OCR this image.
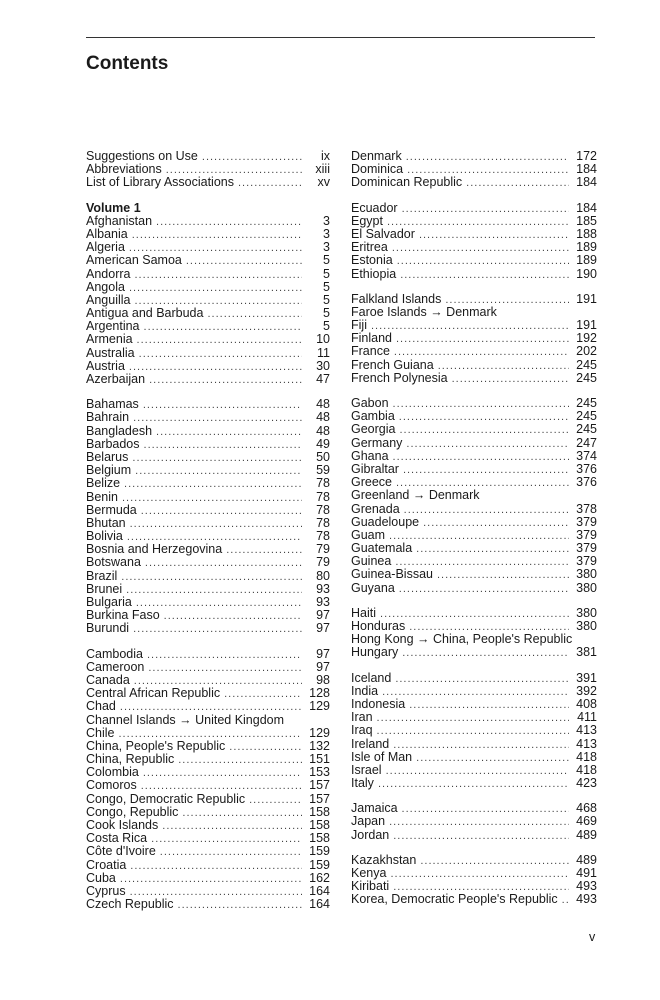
Contents
Suggestions on Use .....	ix
Abbreviations .....	xiii
List of Library Associations .....	xv
Volume 1
Afghanistan .....	3
Albania .....	3
Algeria .....	3
American Samoa .....	5
Andorra .....	5
Angola .....	5
Anguilla .....	5
Antigua and Barbuda .....	5
Argentina .....	5
Armenia .....	10
Australia .....	11
Austria .....	30
Azerbaijan .....	47
Bahamas .....	48
Bahrain .....	48
Bangladesh .....	48
Barbados .....	49
Belarus .....	50
Belgium .....	59
Belize .....	78
Benin .....	78
Bermuda .....	78
Bhutan .....	78
Bolivia .....	78
Bosnia and Herzegovina .....	79
Botswana .....	79
Brazil .....	80
Brunei .....	93
Bulgaria .....	93
Burkina Faso .....	97
Burundi .....	97
Cambodia .....	97
Cameroon .....	97
Canada .....	98
Central African Republic .....	128
Chad .....	129
Channel Islands → United Kingdom
Chile .....	129
China, People's Republic .....	132
China, Republic .....	151
Colombia .....	153
Comoros .....	157
Congo, Democratic Republic .....	157
Congo, Republic .....	158
Cook Islands .....	158
Costa Rica .....	158
Côte d'Ivoire .....	159
Croatia .....	159
Cuba .....	162
Cyprus .....	164
Czech Republic .....	164
Denmark .....	172
Dominica .....	184
Dominican Republic .....	184
Ecuador .....	184
Egypt .....	185
El Salvador .....	188
Eritrea .....	189
Estonia .....	189
Ethiopia .....	190
Falkland Islands .....	191
Faroe Islands → Denmark
Fiji .....	191
Finland .....	192
France .....	202
French Guiana .....	245
French Polynesia .....	245
Gabon .....	245
Gambia .....	245
Georgia .....	245
Germany .....	247
Ghana .....	374
Gibraltar .....	376
Greece .....	376
Greenland → Denmark
Grenada .....	378
Guadeloupe .....	379
Guam .....	379
Guatemala .....	379
Guinea .....	379
Guinea-Bissau .....	380
Guyana .....	380
Haiti .....	380
Honduras .....	380
Hong Kong → China, People's Republic
Hungary .....	381
Iceland .....	391
India .....	392
Indonesia .....	408
Iran .....	411
Iraq .....	413
Ireland .....	413
Isle of Man .....	418
Israel .....	418
Italy .....	423
Jamaica .....	468
Japan .....	469
Jordan .....	489
Kazakhstan .....	489
Kenya .....	491
Kiribati .....	493
Korea, Democratic People's Republic .....	493
v
